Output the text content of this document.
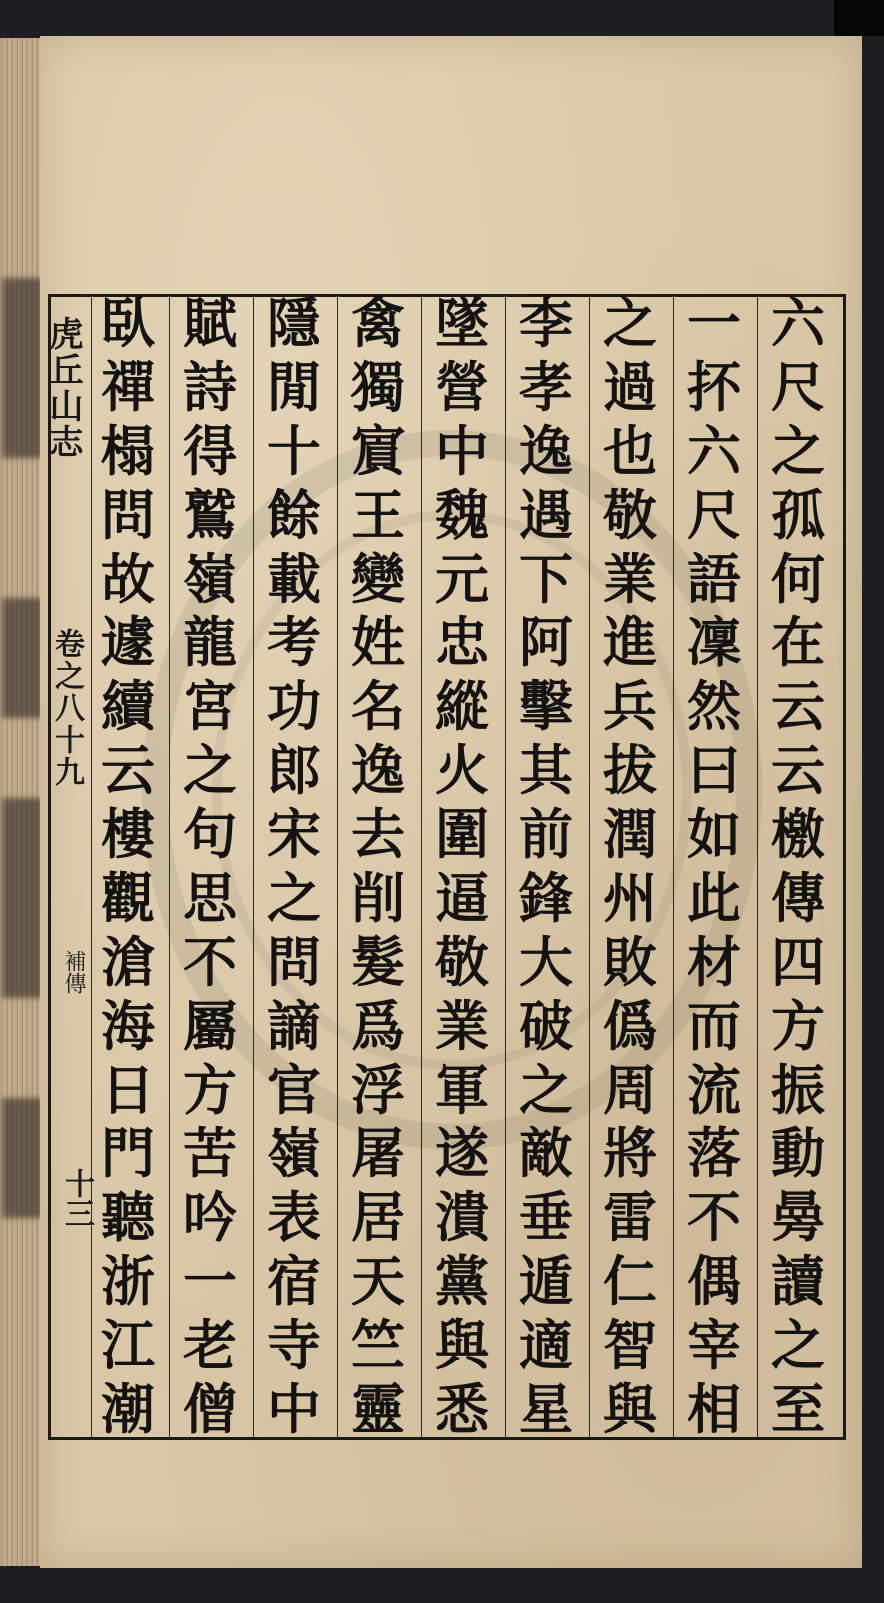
虎丘山志
卷之八十九
補傳
十三
六
尺
之
孤
何
在
云
云
檄
傳
四
方
振
動
㬅
讀
之
至
一
抔
六
尺
語
凜
然
曰
如
此
材
而
流
落
不
偶
宰
相
之
過
也
敬
業
進
兵
拔
潤
州
敗
僞
周
將
雷
仁
智
與
李
孝
逸
遇
下
阿
擊
其
前
鋒
大
破
之
敵
垂
遁
適
星
墜
營
中
魏
元
忠
縱
火
圍
逼
敬
業
軍
遂
潰
黨
與
悉
禽
獨
賔
王
變
姓
名
逸
去
削
髮
爲
浮
屠
居
天
竺
靈
隱
閒
十
餘
載
考
功
郎
宋
之
問
謫
官
嶺
表
宿
寺
中
賦
詩
得
鷲
嶺
龍
宮
之
句
思
不
屬
方
苦
吟
一
老
僧
臥
禪
榻
問
故
遽
續
云
樓
觀
滄
海
日
門
聽
浙
江
潮
